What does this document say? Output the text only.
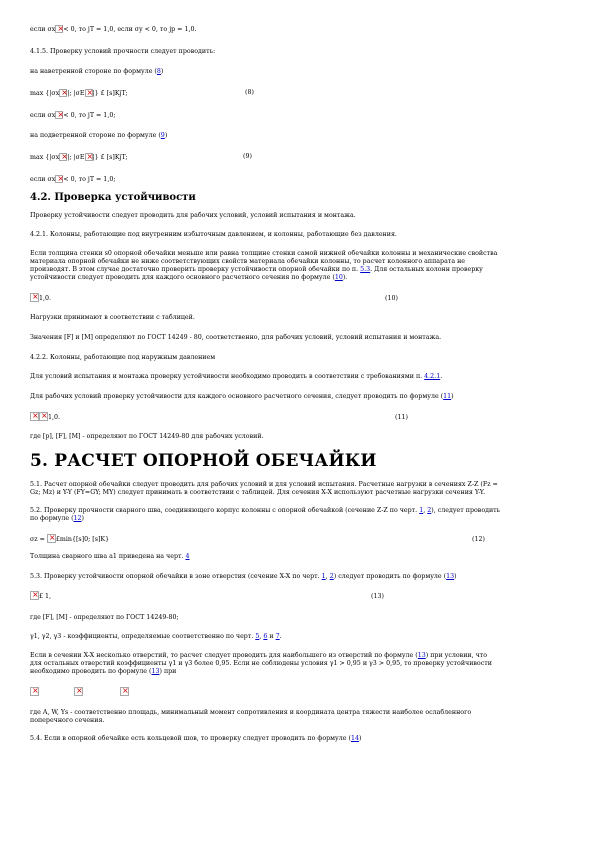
если σx × < 0, то jT = 1,0, если σy < 0, то jp = 1,0.

4.1.5. Проверку условий прочности следует проводить:

на наветренной стороне по формуле (8)

max {|σx × |; |σE × |} £ [s]KjT;	(8)

если σx × < 0, то jT = 1,0;

на подветренной стороне по формуле (9)

max {|σx × |; |σE × |} £ [s]KjT;	(9)

если σx × < 0, то jT = 1,0;

4.2. Проверка устойчивости

Проверку устойчивости следует проводить для рабочих условий, условий испытания и монтажа.

4.2.1. Колонны, работающие под внутренним избыточным давлением, и колонны, работающие без давления.

Если толщина стенки s0 опорной обечайки меньше или равна толщине стенки самой нижней обечайки колонны и механические свойства

материала опорной обечайки не ниже соответствующих свойств материала обечайки колонны, то расчет колонного аппарата не

производят. В этом случае достаточно проверить проверку устойчивости опорной обечайки по п. 5.3. Для остальных колонн проверку

устойчивости следует проводить для каждого основного расчетного сечения по формуле (10).

×1,0.	(10)

Нагрузки принимают в соответствии с таблицей.

Значения [F] и [M] определяют по ГОСТ 14249 - 80, соответственно, для рабочих условий, условий испытания и монтажа.

4.2.2. Колонны, работающие под наружным давлением

Для условий испытания и монтажа проверку устойчивости необходимо проводить в соответствии с требованиями п. 4.2.1.

Для рабочих условий проверку устойчивости для каждого основного расчетного сечения, следует проводить по формуле (11)

××1,0.	(11)

где [p], [F], [M] - определяют по ГОСТ 14249-80 для рабочих условий.

5. РАСЧЕТ ОПОРНОЙ ОБЕЧАЙКИ

5.1. Расчет опорной обечайки следует проводить для рабочих условий и для условий испытания. Расчетные нагрузки в сечениях Z-Z (Fz =

Gz; Mz) и Y-Y (FY=GY; MY) следует принимать в соответствии с таблицей. Для сечения X-X используют расчетные нагрузки сечения Y-Y.

5.2. Проверку прочности сварного шва, соединяющего корпус колонны с опорной обечайкой (сечение Z-Z по черт. 1, 2), следует проводить

по формуле (12)

σz = × £min{[s]0; [s]K}	(12)

Толщина сварного шва a1 приведена на черт. 4

5.3. Проверку устойчивости опорной обечайки в зоне отверстия (сечение X-X по черт. 1, 2) следует проводить по формуле (13)

×£ 1,	(13)

где [F], [M] - определяют по ГОСТ 14249-80;

γ1, γ2, γ3 - коэффициенты, определяемые соответственно по черт. 5, 6 и 7.

Если в сечении X-X несколько отверстий, то расчет следует проводить для наибольшего из отверстий по формуле (13) при условии, что

для остальных отверстий коэффициенты γ1 и γ3 более 0,95. Если не соблюдены условия γ1 > 0,95 и γ3 > 0,95, то проверку устойчивости

необходимо проводить по формуле (13) при

×
×
×

где A, W, Ys - соответственно площадь, минимальный момент сопротивления и координата центра тяжести наиболее ослабленного

поперечного сечения.

5.4. Если в опорной обечайке есть кольцевой шов, то проверку следует проводить по формуле (14)
